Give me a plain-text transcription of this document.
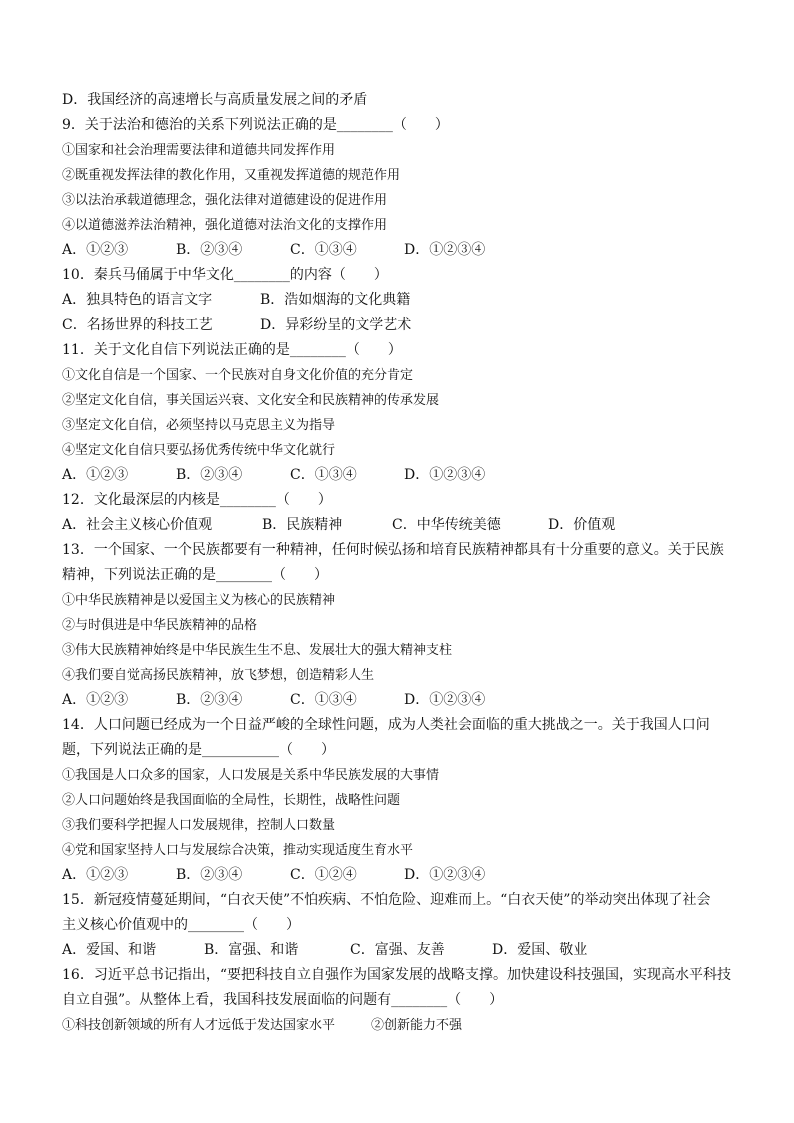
D．我国经济的高速增长与高质量发展之间的矛盾
9．关于法治和德治的关系下列说法正确的是________（　　）
①国家和社会治理需要法律和道德共同发挥作用
②既重视发挥法律的教化作用，又重视发挥道德的规范作用
③以法治承载道德理念，强化法律对道德建设的促进作用
④以道德滋养法治精神，强化道德对法治文化的支撑作用
A．①②③	B．②③④	C．①③④	D．①②③④
10．秦兵马俑属于中华文化________的内容（　　）
A．独具特色的语言文字	B．浩如烟海的文化典籍
C．名扬世界的科技工艺	D．异彩纷呈的文学艺术
11．关于文化自信下列说法正确的是________（　　）
①文化自信是一个国家、一个民族对自身文化价值的充分肯定
②坚定文化自信，事关国运兴衰、文化安全和民族精神的传承发展
③坚定文化自信，必须坚持以马克思主义为指导
④坚定文化自信只要弘扬优秀传统中华文化就行
A．①②③	B．②③④	C．①③④	D．①②③④
12．文化最深层的内核是________（　　）
A．社会主义核心价值观	B．民族精神	C．中华传统美德	D．价值观
13．一个国家、一个民族都要有一种精神，任何时候弘扬和培育民族精神都具有十分重要的意义。关于民族
精神，下列说法正确的是________（　　）
①中华民族精神是以爱国主义为核心的民族精神
②与时俱进是中华民族精神的品格
③伟大民族精神始终是中华民族生生不息、发展壮大的强大精神支柱
④我们要自觉高扬民族精神，放飞梦想，创造精彩人生
A．①②③	B．②③④	C．①③④	D．①②③④
14．人口问题已经成为一个日益严峻的全球性问题，成为人类社会面临的重大挑战之一。关于我国人口问
题，下列说法正确的是___________（　　）
①我国是人口众多的国家，人口发展是关系中华民族发展的大事情
②人口问题始终是我国面临的全局性，长期性，战略性问题
③我们要科学把握人口发展规律，控制人口数量
④党和国家坚持人口与发展综合决策，推动实现适度生育水平
A．①②③	B．②③④	C．①②④	D．①②③④
15．新冠疫情蔓延期间，“白衣天使”不怕疾病、不怕危险、迎难而上。“白衣天使”的举动突出体现了社会
主义核心价值观中的________（　　）
A．爱国、和谐	B．富强、和谐	C．富强、友善	D．爱国、敬业
16．习近平总书记指出，“要把科技自立自强作为国家发展的战略支撑。加快建设科技强国，实现高水平科技
自立自强”。从整体上看，我国科技发展面临的问题有________（　　）
①科技创新领域的所有人才远低于发达国家水平	②创新能力不强
